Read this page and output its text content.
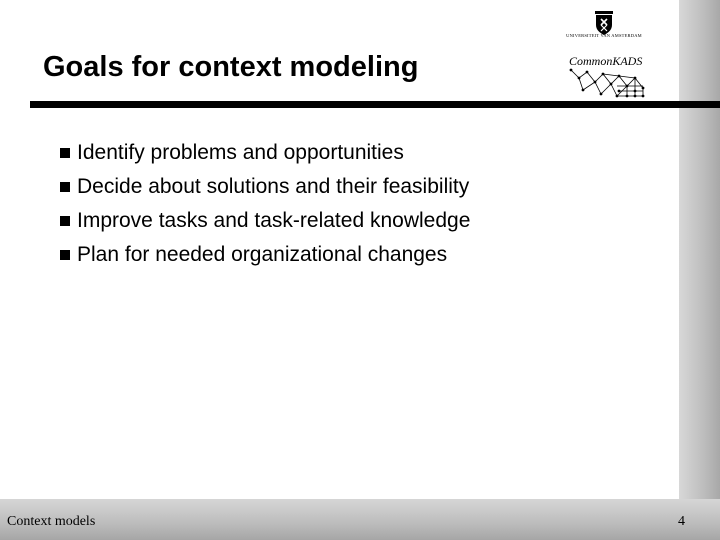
Goals for context modeling
UNIVERSITEIT VAN AMSTERDAM
CommonKADS
Identify problems and opportunities
Decide about solutions and their feasibility
Improve tasks and task-related knowledge
Plan for needed organizational changes
Context models	4
